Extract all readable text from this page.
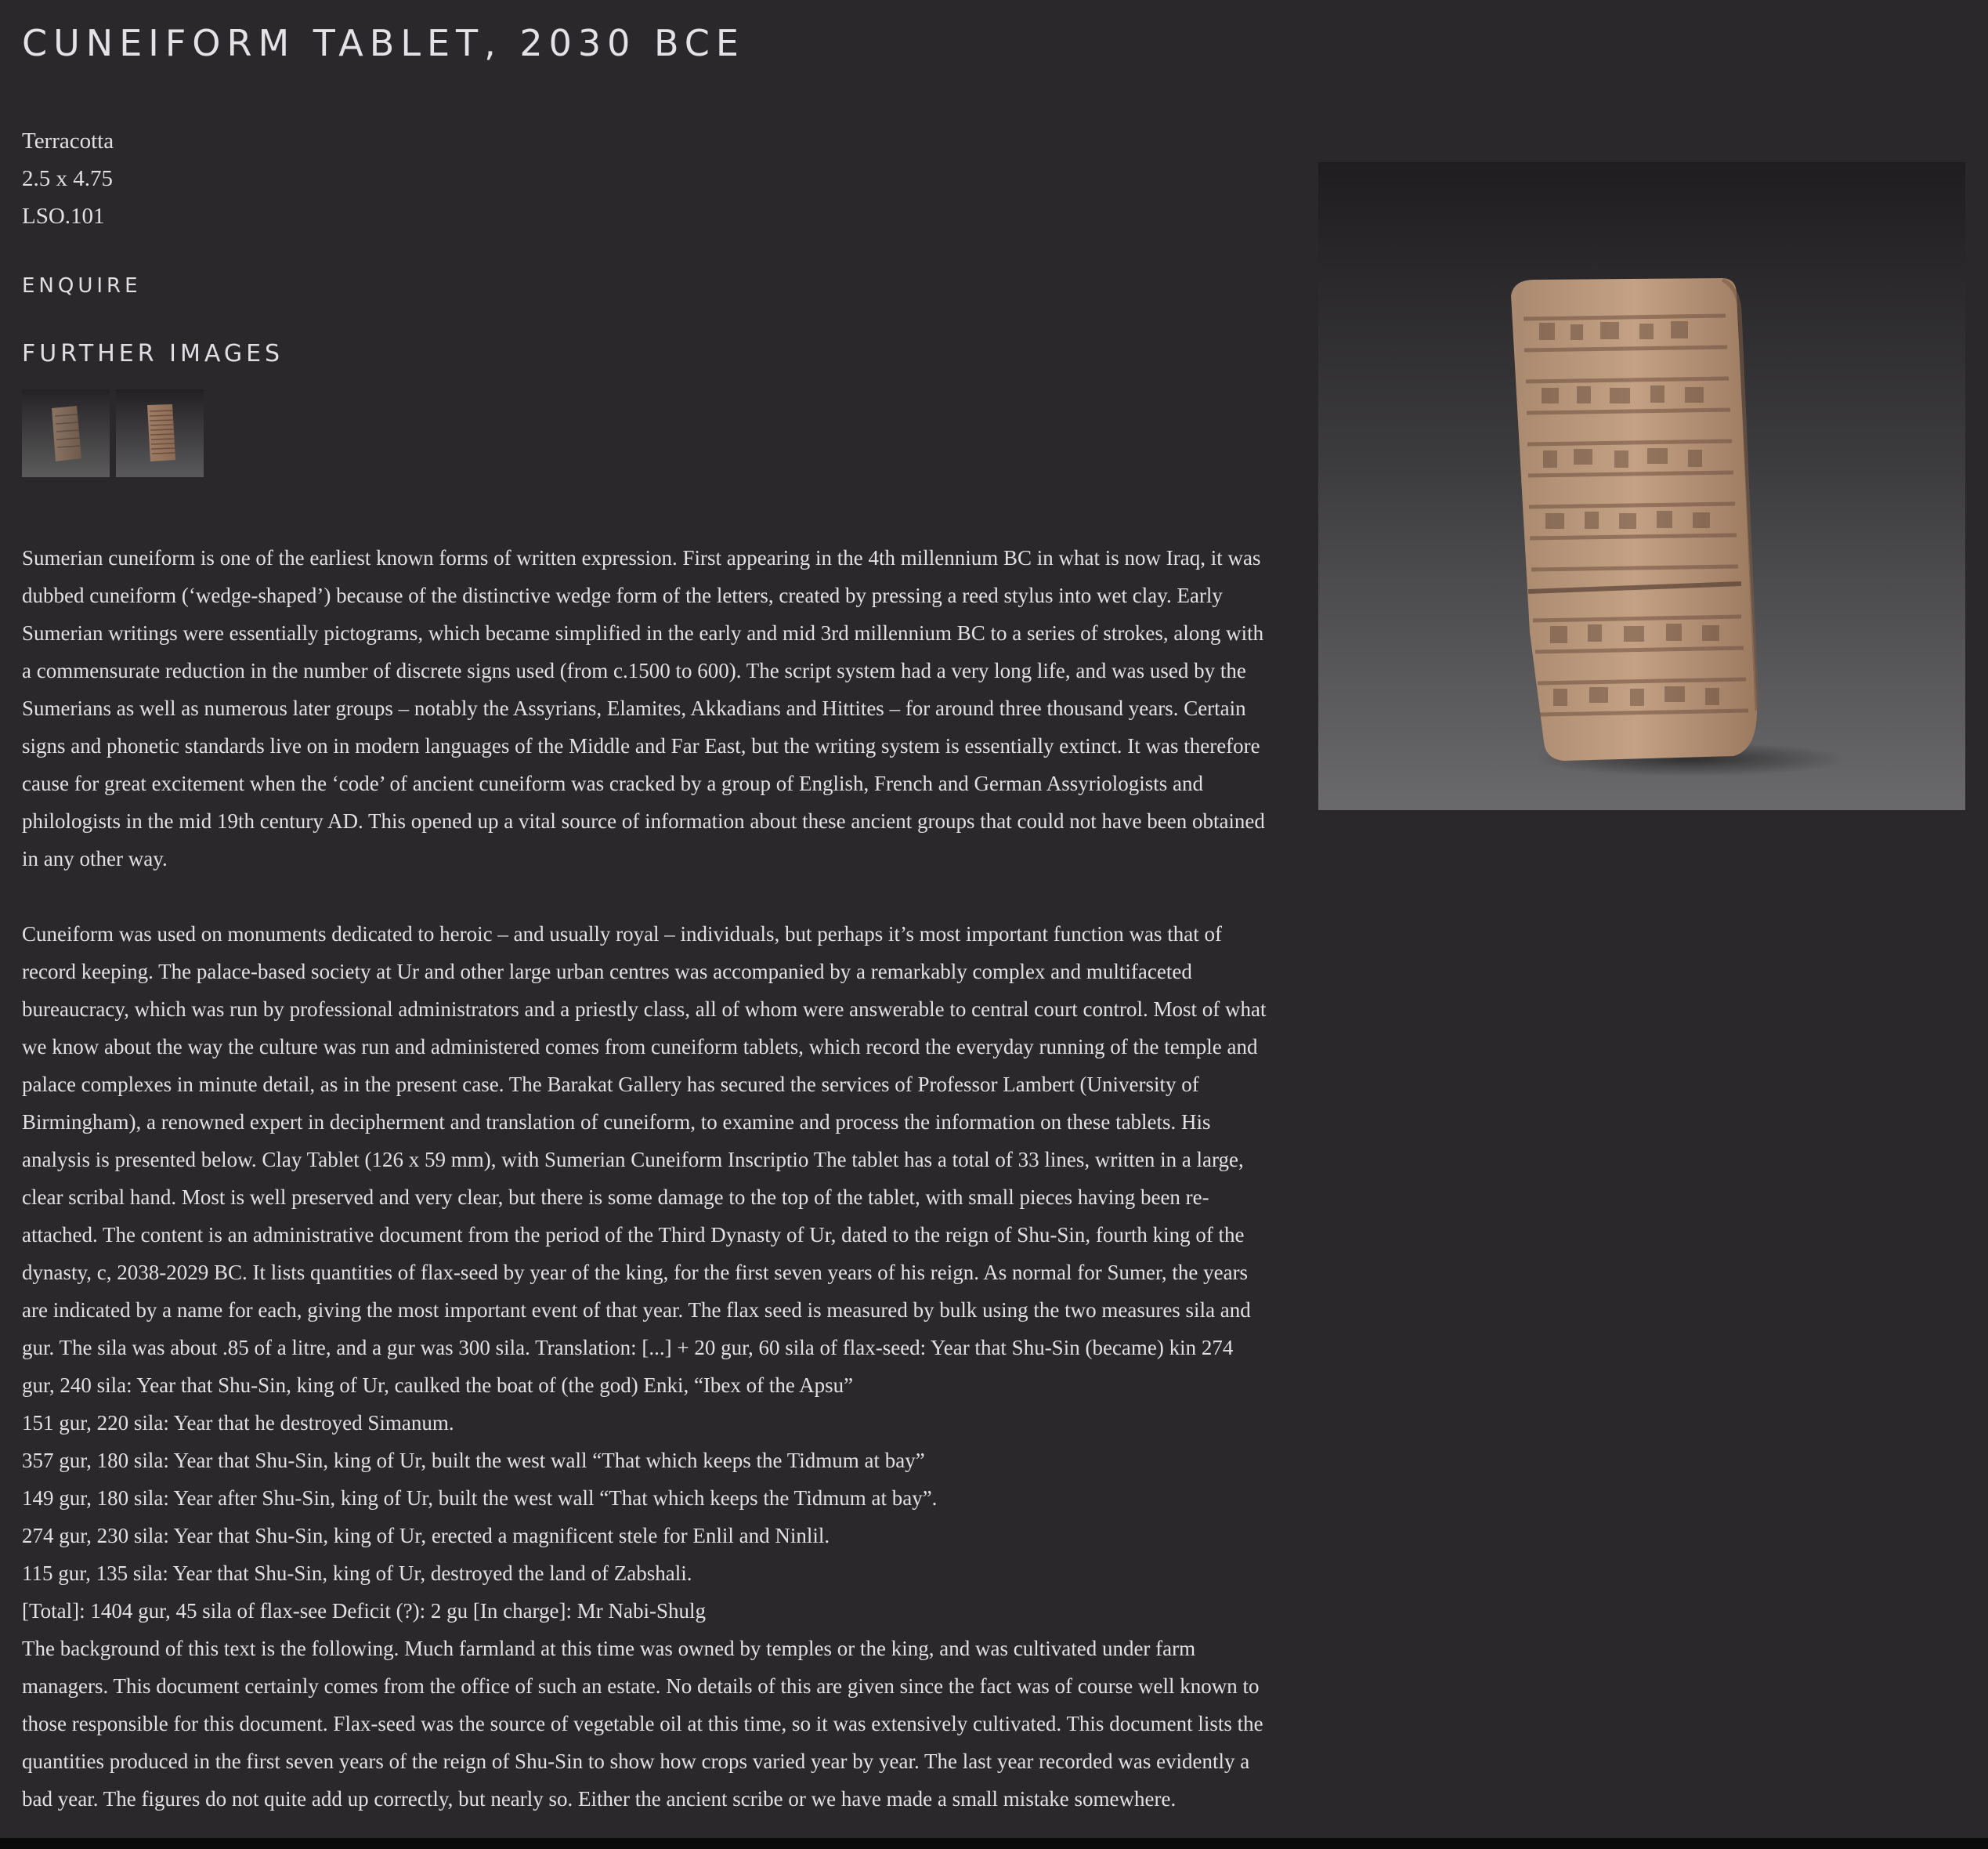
CUNEIFORM TABLET, 2030 BCE
Terracotta
2.5 x 4.75
LSO.101
ENQUIRE
FURTHER IMAGES

Sumerian cuneiform is one of the earliest known forms of written expression. First appearing in the 4th millennium BC in what is now Iraq, it was dubbed cuneiform (‘wedge-shaped’) because of the distinctive wedge form of the letters, created by pressing a reed stylus into wet clay. Early Sumerian writings were essentially pictograms, which became simplified in the early and mid 3rd millennium BC to a series of strokes, along with a commensurate reduction in the number of discrete signs used (from c.1500 to 600). The script system had a very long life, and was used by the Sumerians as well as numerous later groups – notably the Assyrians, Elamites, Akkadians and Hittites – for around three thousand years. Certain signs and phonetic standards live on in modern languages of the Middle and Far East, but the writing system is essentially extinct. It was therefore cause for great excitement when the ‘code’ of ancient cuneiform was cracked by a group of English, French and German Assyriologists and philologists in the mid 19th century AD. This opened up a vital source of information about these ancient groups that could not have been obtained in any other way.

Cuneiform was used on monuments dedicated to heroic – and usually royal – individuals, but perhaps it’s most important function was that of record keeping. The palace-based society at Ur and other large urban centres was accompanied by a remarkably complex and multifaceted bureaucracy, which was run by professional administrators and a priestly class, all of whom were answerable to central court control. Most of what we know about the way the culture was run and administered comes from cuneiform tablets, which record the everyday running of the temple and palace complexes in minute detail, as in the present case. The Barakat Gallery has secured the services of Professor Lambert (University of Birmingham), a renowned expert in decipherment and translation of cuneiform, to examine and process the information on these tablets. His analysis is presented below. Clay Tablet (126 x 59 mm), with Sumerian Cuneiform Inscriptio The tablet has a total of 33 lines, written in a large, clear scribal hand. Most is well preserved and very clear, but there is some damage to the top of the tablet, with small pieces having been re-attached. The content is an administrative document from the period of the Third Dynasty of Ur, dated to the reign of Shu-Sin, fourth king of the dynasty, c, 2038-2029 BC. It lists quantities of flax-seed by year of the king, for the first seven years of his reign. As normal for Sumer, the years are indicated by a name for each, giving the most important event of that year. The flax seed is measured by bulk using the two measures sila and gur. The sila was about .85 of a litre, and a gur was 300 sila. Translation: [...] + 20 gur, 60 sila of flax-seed: Year that Shu-Sin (became) kin 274 gur, 240 sila: Year that Shu-Sin, king of Ur, caulked the boat of (the god) Enki, “Ibex of the Apsu”

151 gur, 220 sila: Year that he destroyed Simanum.

357 gur, 180 sila: Year that Shu-Sin, king of Ur, built the west wall “That which keeps the Tidmum at bay”

149 gur, 180 sila: Year after Shu-Sin, king of Ur, built the west wall “That which keeps the Tidmum at bay”.

274 gur, 230 sila: Year that Shu-Sin, king of Ur, erected a magnificent stele for Enlil and Ninlil.

115 gur, 135 sila: Year that Shu-Sin, king of Ur, destroyed the land of Zabshali.

[Total]: 1404 gur, 45 sila of flax-see Deficit (?): 2 gu [In charge]: Mr Nabi-Shulg

The background of this text is the following. Much farmland at this time was owned by temples or the king, and was cultivated under farm managers. This document certainly comes from the office of such an estate. No details of this are given since the fact was of course well known to those responsible for this document. Flax-seed was the source of vegetable oil at this time, so it was extensively cultivated. This document lists the quantities produced in the first seven years of the reign of Shu-Sin to show how crops varied year by year. The last year recorded was evidently a bad year. The figures do not quite add up correctly, but nearly so. Either the ancient scribe or we have made a small mistake somewhere.
